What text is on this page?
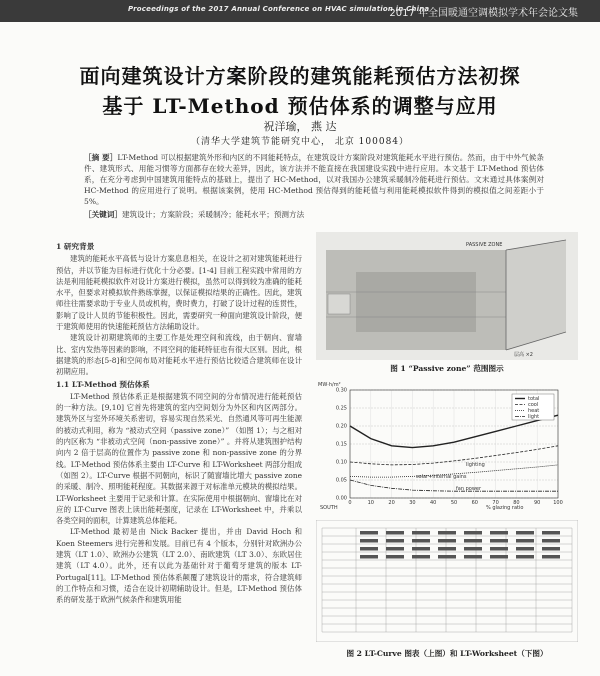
Proceedings of the 2017 Annual Conference on HVAC simulation in China
2017 年全国暖通空调模拟学术年会论文集
面向建筑设计方案阶段的建筑能耗预估方法初探
基于 LT-Method 预估体系的调整与应用
祝洋瑜， 燕 达
（清华大学建筑节能研究中心， 北京 100084）
［摘 要］LT-Method 可以根据建筑外形和内区的不同能耗特点，在建筑设计方案阶段对建筑能耗水平进行预估。然而，由于中外气候条件、建筑形式、用能习惯等方面都存在较大差异，因此，该方法并不能直接在我国建设实践中进行应用。本文基于 LT-Method 预估体系，在充分考虑到中国建筑用能特点的基础上，提出了 HC-Method，以对我国办公建筑采暖制冷能耗进行预估。文末通过具体案例对 HC-Method 的应用进行了说明。根据该案例，使用 HC-Method 预估得到的能耗值与利用能耗模拟软件得到的模拟值之间差距小于 5%。
［关键词］建筑设计；方案阶段；采暖制冷；能耗水平；预测方法
1 研究背景

建筑的能耗水平高低与设计方案息息相关，在设计之初对建筑能耗进行预估，并以节能为目标进行优化十分必要。[1-4] 目前工程实践中常用的方法是利用能耗模拟软件对设计方案进行模拟，虽然可以得到较为准确的能耗水平，但要求对模拟软件熟练掌握，以保证模拟结果的正确性。因此，建筑师往往需要求助于专业人员或机构，费时费力，打破了设计过程的连贯性，影响了设计人员的节能积极性。因此，需要研究一种面向建筑设计阶段，便于建筑师使用的快速能耗预估方法辅助设计。

建筑设计初期建筑师的主要工作是处理空间和流线，由于朝向、窗墙比、室内发热等因素的影响，不同空间的能耗特征也有很大区别。因此，根据建筑的形态[5-8]和空间布局对能耗水平进行预估比较适合建筑师在设计初期应用。

1.1 LT-Method 预估体系

LT-Method 预估体系正是根据建筑不同空间的分布情况进行能耗预估的一种方法。[9,10] 它首先将建筑的室内空间划分为外区和内区两部分。建筑外区与室外环境关系密切，容易实现自然采光、自然通风等可再生能源的被动式利用，称为 “被动式空间（passive zone）” （如图 1）；与之相对的内区称为 “非被动式空间（non-passive zone）” 。并将从建筑围护结构向内 2 倍于层高的位置作为 passive zone 和 non-passive zone 的分界线。LT-Method 预估体系主要由 LT-Curve 和 LT-Worksheet 两部分组成（如图 2）。LT-Curve 根据不同朝向，标识了随窗墙比增大 passive zone 的采暖、制冷、照明能耗程度。其数据来源于对标准单元模块的模拟结果。LT-Worksheet 主要用于记录和计算。在实际使用中根据朝向、窗墙比在对应的 LT-Curve 图表上读出能耗强度，记录在 LT-Worksheet 中，并乘以各类空间的面积，计算建筑总体能耗。

LT-Method 最初是由 Nick Backer 提出，并由 David Hoch 和 Koen Steemers 进行完善和发展。目前已有 4 个版本，分别针对欧洲办公建筑（LT 1.0）、欧洲办公建筑（LT 2.0）、南欧建筑（LT 3.0）、东欧居住建筑（LT 4.0）。此外，还有以此为基础针对于葡萄牙建筑的版本 LT-Portugal[11]。LT-Method 预估体系颠覆了建筑设计的需求，符合建筑师的工作特点和习惯，适合在设计初期辅助设计。但是，LT-Method 预估体系的研发基于欧洲气候条件和建筑用能

PASSIVE ZONE
层高 ×2
图 1 “Passive zone” 范围图示
0.00
0.05
0.10
0.15
0.20
0.25
0.30
0	10	20	30	40	50	60	70	80	90	100
MW·h/m²
SOUTH	% glazing ratio
total
cool
heat
light
lighting
solar+internal gains
fan power
图 2 LT-Curve 图表（上图）和 LT-Worksheet（下图）
